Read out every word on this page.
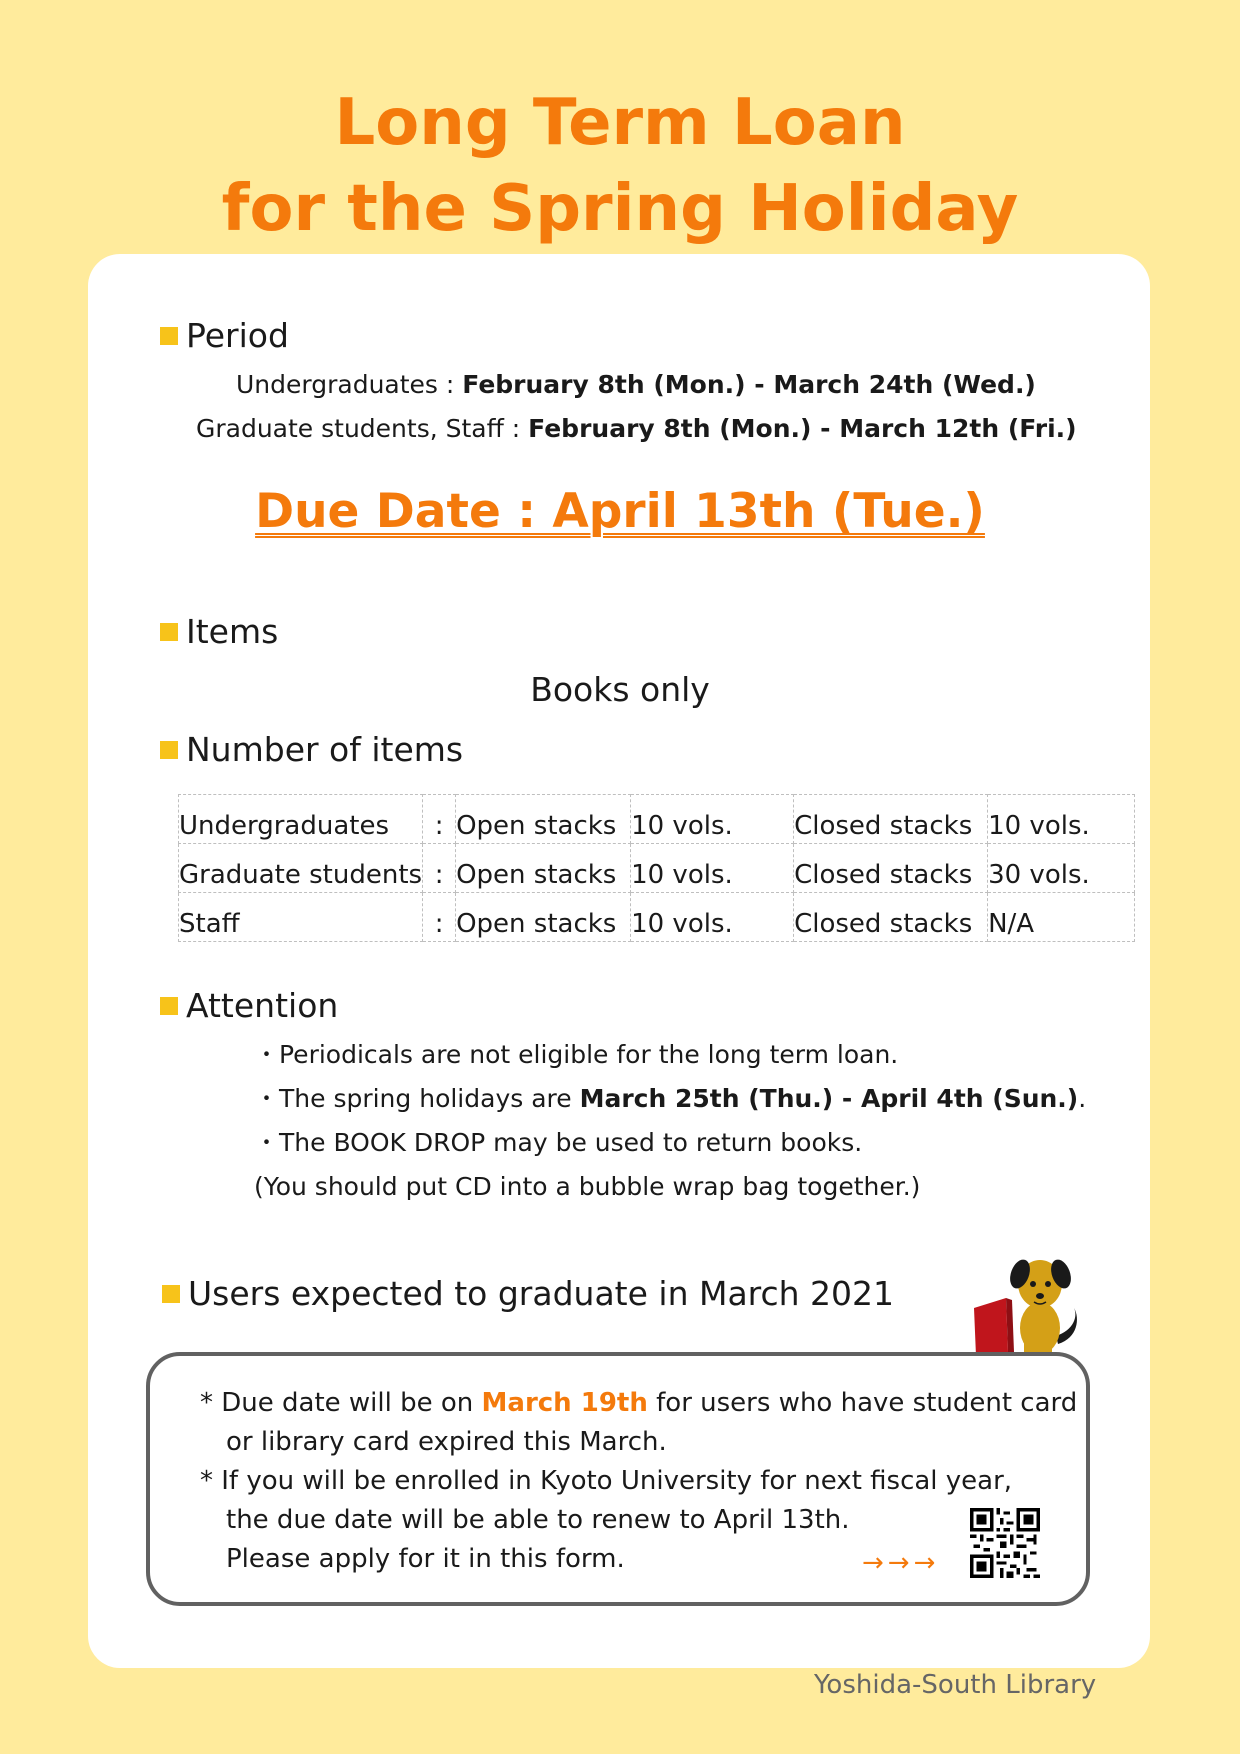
Long Term Loan
for the Spring Holiday
Period
Undergraduates : February 8th (Mon.) - March 24th (Wed.)
Graduate students, Staff : February 8th (Mon.) - March 12th (Fri.)
Due Date : April 13th (Tue.)
Items
Books only
Number of items
Undergraduates	:	Open stacks	10 vols.	Closed stacks	10 vols.
Graduate students	:	Open stacks	10 vols.	Closed stacks	30 vols.
Staff	:	Open stacks	10 vols.	Closed stacks	N/A
Attention
・Periodicals are not eligible for the long term loan.
・The spring holidays are March 25th (Thu.) - April 4th (Sun.).
・The BOOK DROP may be used to return books.
(You should put CD into a bubble wrap bag together.)
Users expected to graduate in March 2021
* Due date will be on March 19th for users who have student card
or library card expired this March.
* If you will be enrolled in Kyoto University for next fiscal year,
the due date will be able to renew to April 13th.
Please apply for it in this form.	→→→
Yoshida-South Library
